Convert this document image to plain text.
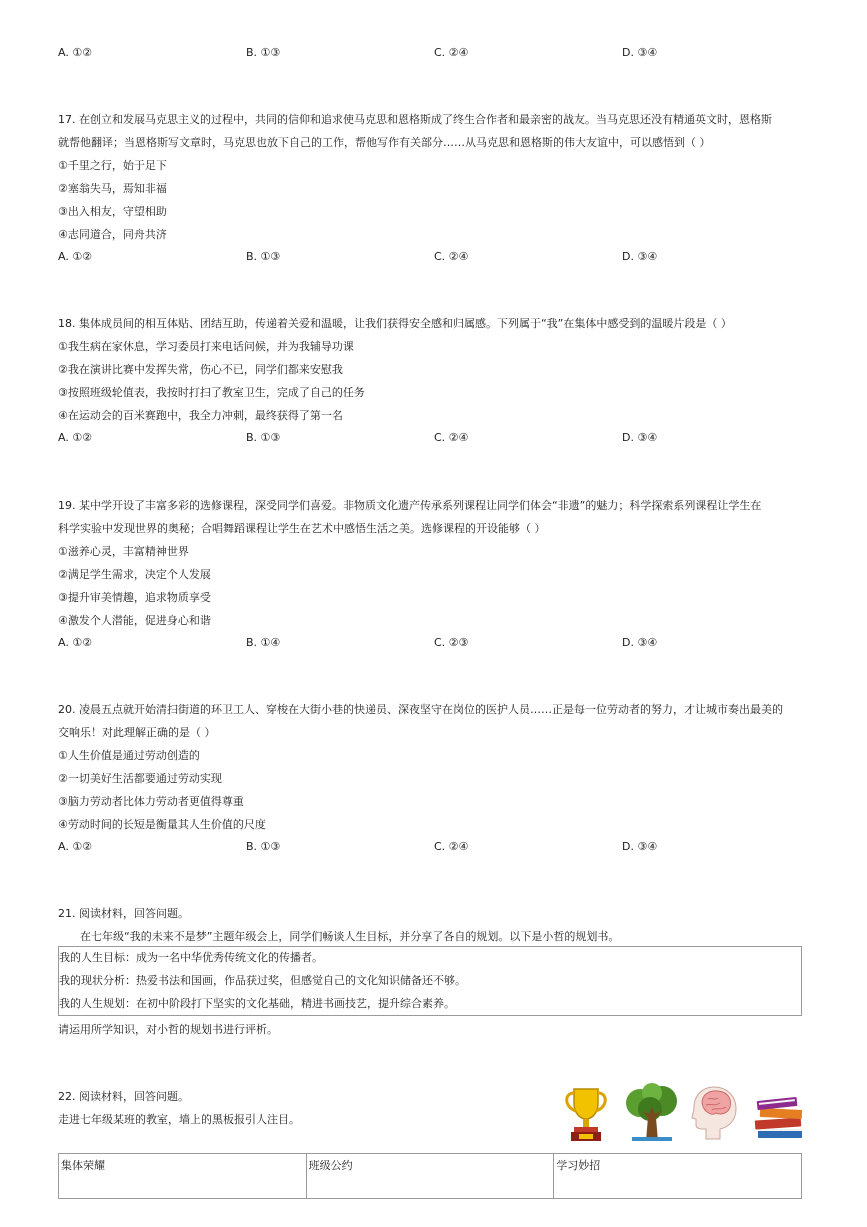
A. ①②	B. ①③	C. ②④	D. ③④
17. 在创立和发展马克思主义的过程中，共同的信仰和追求使马克思和恩格斯成了终生合作者和最亲密的战友。当马克思还没有精通英文时，恩格斯
就帮他翻译；当恩格斯写文章时，马克思也放下自己的工作，帮他写作有关部分……从马克思和恩格斯的伟大友谊中，可以感悟到（ ）
①千里之行，始于足下
②塞翁失马，焉知非福
③出入相友，守望相助
④志同道合，同舟共济
A. ①②	B. ①③	C. ②④	D. ③④
18. 集体成员间的相互体贴、团结互助，传递着关爱和温暖，让我们获得安全感和归属感。下列属于“我”在集体中感受到的温暖片段是（ ）
①我生病在家休息，学习委员打来电话问候，并为我辅导功课
②我在演讲比赛中发挥失常，伤心不已，同学们都来安慰我
③按照班级轮值表，我按时打扫了教室卫生，完成了自己的任务
④在运动会的百米赛跑中，我全力冲刺，最终获得了第一名
A. ①②	B. ①③	C. ②④	D. ③④
19. 某中学开设了丰富多彩的选修课程，深受同学们喜爱。非物质文化遗产传承系列课程让同学们体会“非遗”的魅力；科学探索系列课程让学生在
科学实验中发现世界的奥秘；合唱舞蹈课程让学生在艺术中感悟生活之美。选修课程的开设能够（ ）
①滋养心灵，丰富精神世界
②满足学生需求，决定个人发展
③提升审美情趣，追求物质享受
④激发个人潜能，促进身心和谐
A. ①②	B. ①④	C. ②③	D. ③④
20. 凌晨五点就开始清扫街道的环卫工人、穿梭在大街小巷的快递员、深夜坚守在岗位的医护人员……正是每一位劳动者的努力，才让城市奏出最美的
交响乐！对此理解正确的是（ ）
①人生价值是通过劳动创造的
②一切美好生活都要通过劳动实现
③脑力劳动者比体力劳动者更值得尊重
④劳动时间的长短是衡量其人生价值的尺度
A. ①②	B. ①③	C. ②④	D. ③④
21. 阅读材料，回答问题。
在七年级“我的未来不是梦”主题年级会上，同学们畅谈人生目标，并分享了各自的规划。以下是小哲的规划书。
我的人生目标：成为一名中华优秀传统文化的传播者。
我的现状分析：热爱书法和国画，作品获过奖，但感觉自己的文化知识储备还不够。
我的人生规划：在初中阶段打下坚实的文化基础，精进书画技艺，提升综合素养。
请运用所学知识，对小哲的规划书进行评析。
22. 阅读材料，回答问题。
走进七年级某班的教室，墙上的黑板报引人注目。
集体荣耀	班级公约	学习妙招
